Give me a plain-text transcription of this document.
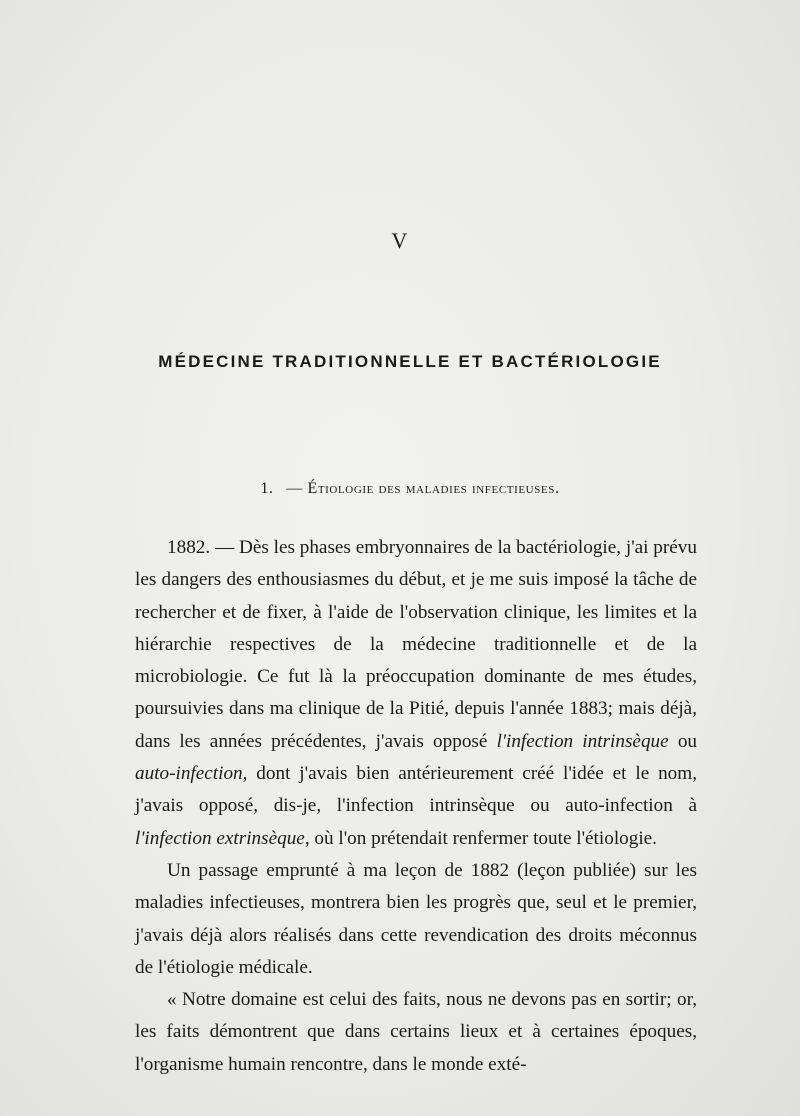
V
MÉDECINE TRADITIONNELLE ET BACTÉRIOLOGIE
1. — Étiologie des maladies infectieuses.

1882. — Dès les phases embryonnaires de la bactériologie, j'ai prévu les dangers des enthousiasmes du début, et je me suis imposé la tâche de rechercher et de fixer, à l'aide de l'observation clinique, les limites et la hiérarchie respectives de la médecine traditionnelle et de la microbiologie. Ce fut là la préoccupation dominante de mes études, poursuivies dans ma clinique de la Pitié, depuis l'année 1883; mais déjà, dans les années précédentes, j'avais opposé l'infection intrinsèque ou auto-infection, dont j'avais bien antérieurement créé l'idée et le nom, j'avais opposé, dis-je, l'infection intrinsèque ou auto-infection à l'infection extrinsèque, où l'on prétendait renfermer toute l'étiologie.

Un passage emprunté à ma leçon de 1882 (leçon publiée) sur les maladies infectieuses, montrera bien les progrès que, seul et le premier, j'avais déjà alors réalisés dans cette revendication des droits méconnus de l'étiologie médicale.

« Notre domaine est celui des faits, nous ne devons pas en sortir; or, les faits démontrent que dans certains lieux et à certaines époques, l'organisme humain rencontre, dans le monde exté-
